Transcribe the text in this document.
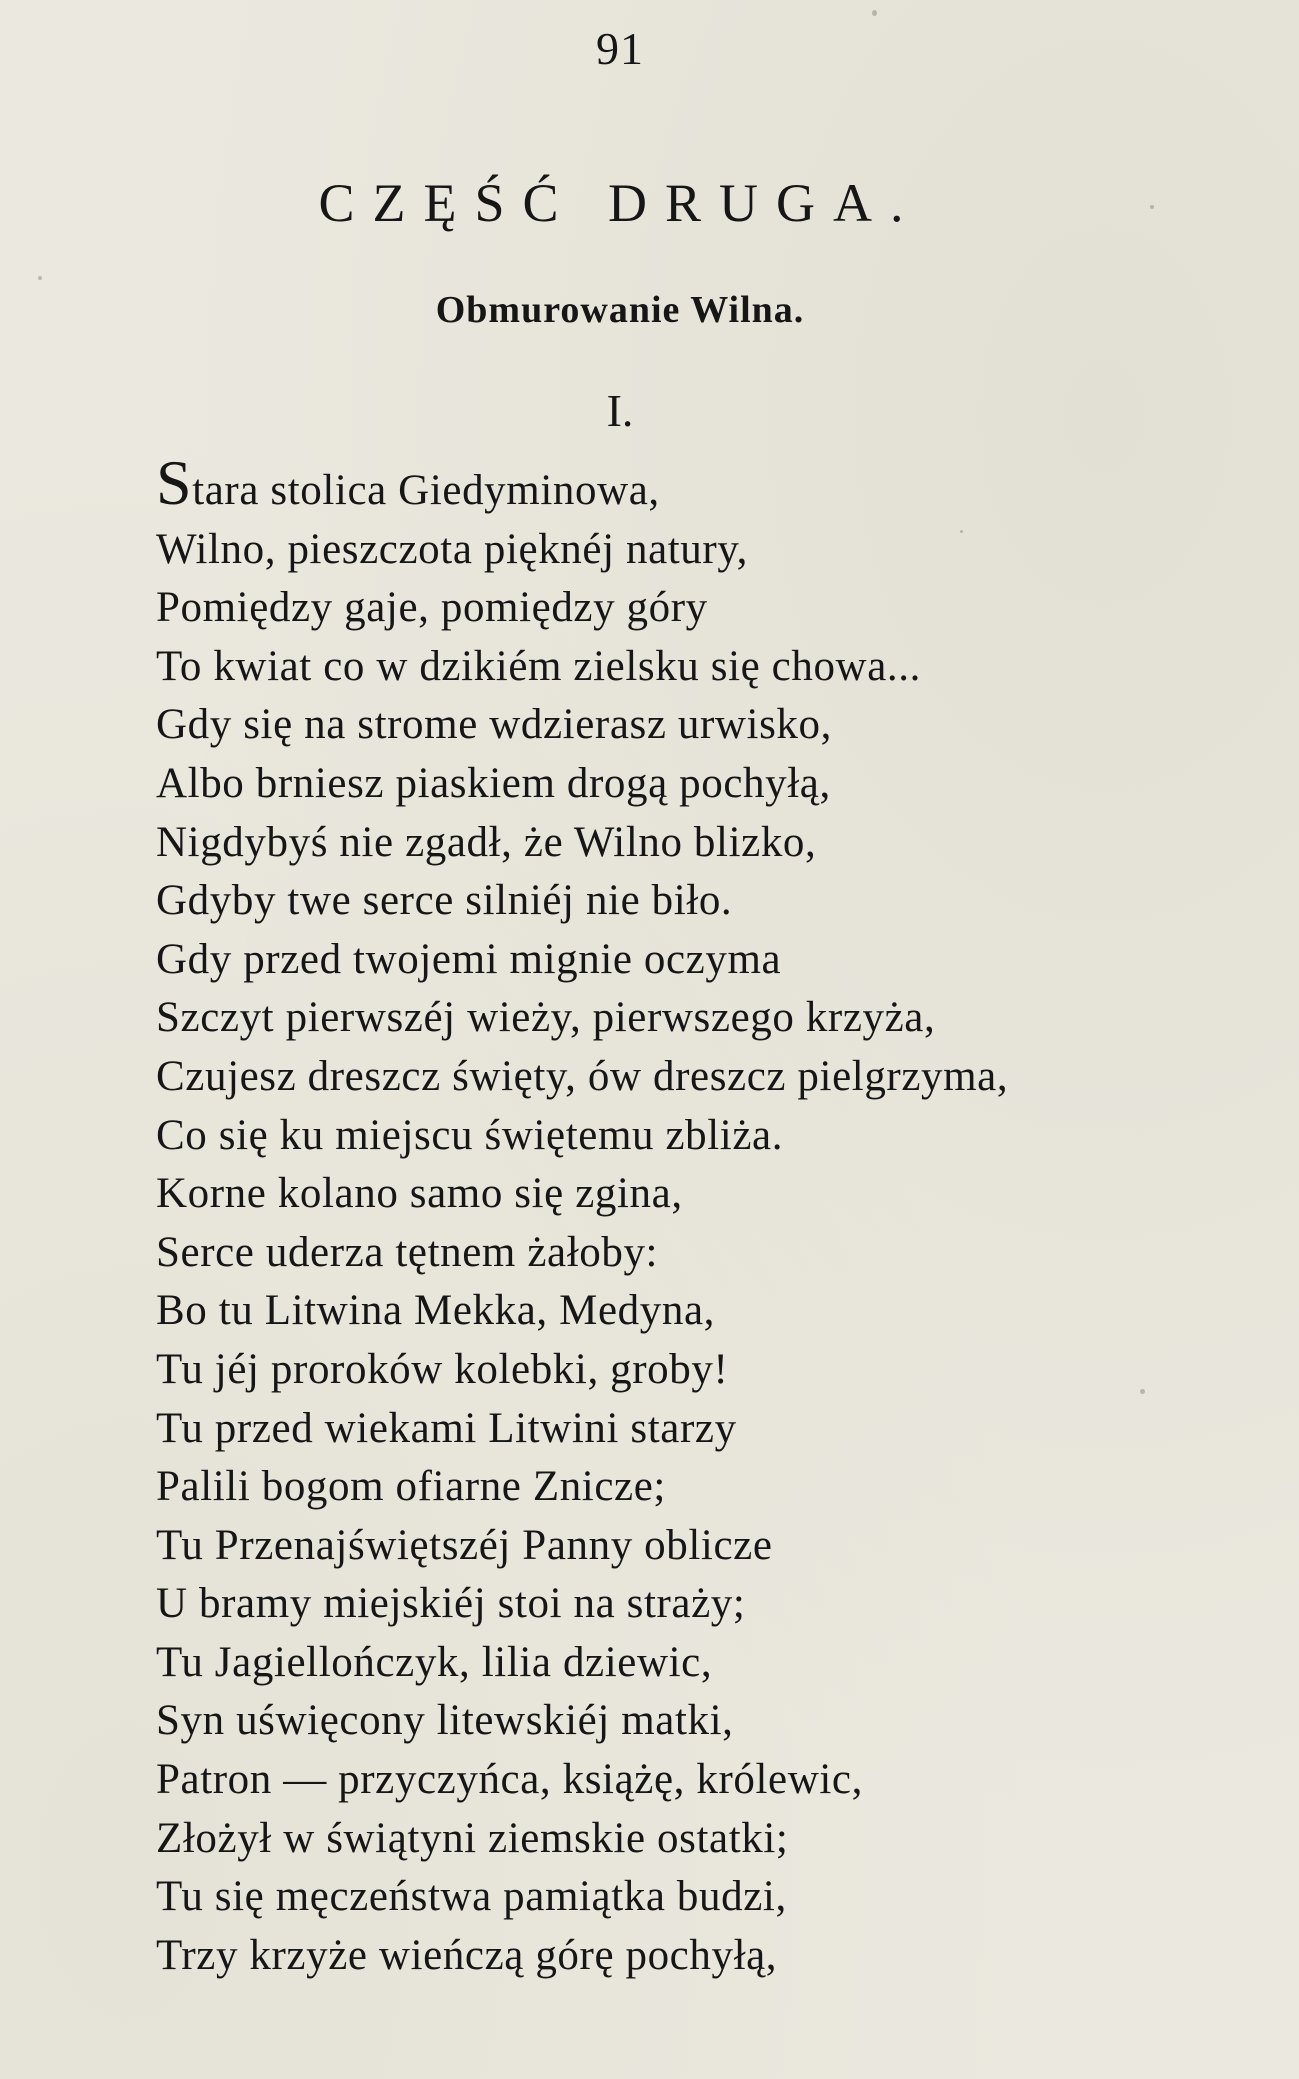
91
CZĘŚĆ DRUGA.
Obmurowanie Wilna.
I.
Stara stolica Giedyminowa,
Wilno, pieszczota pięknéj natury,
Pomiędzy gaje, pomiędzy góry
To kwiat co w dzikiém zielsku się chowa...
Gdy się na strome wdzierasz urwisko,
Albo brniesz piaskiem drogą pochyłą,
Nigdybyś nie zgadł, że Wilno blizko,
Gdyby twe serce silniéj nie biło.
Gdy przed twojemi mignie oczyma
Szczyt pierwszéj wieży, pierwszego krzyża,
Czujesz dreszcz święty, ów dreszcz pielgrzyma,
Co się ku miejscu świętemu zbliża.
Korne kolano samo się zgina,
Serce uderza tętnem żałoby:
Bo tu Litwina Mekka, Medyna,
Tu jéj proroków kolebki, groby!
Tu przed wiekami Litwini starzy
Palili bogom ofiarne Znicze;
Tu Przenajświętszéj Panny oblicze
U bramy miejskiéj stoi na straży;
Tu Jagiellończyk, lilia dziewic,
Syn uświęcony litewskiéj matki,
Patron — przyczyńca, książę, królewic,
Złożył w świątyni ziemskie ostatki;
Tu się męczeństwa pamiątka budzi,
Trzy krzyże wieńczą górę pochyłą,
